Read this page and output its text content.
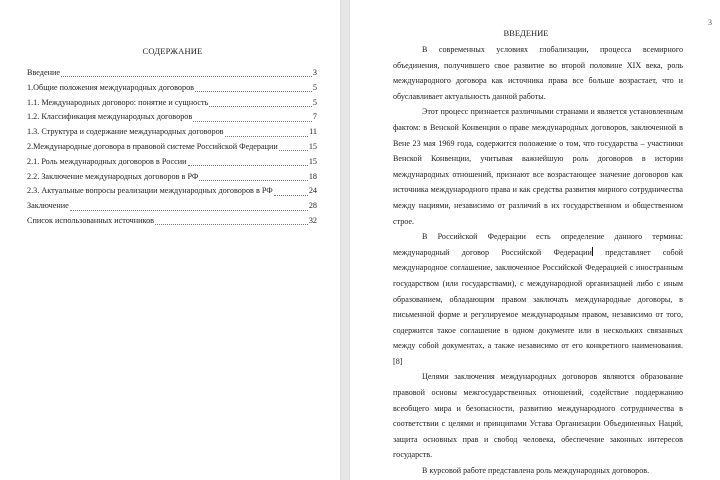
СОДЕРЖАНИЕ
Введение	3
1.Общие положения международных договоров	5
1.1. Международных договоро: понятие и сущность	5
1.2. Классификация международных договоров	7
1.3. Структура и содержание международных договоров	11
2.Международные договора в правовой системе Российской Федерации	15
2.1. Роль международных договоров в России	15
2.2. Заключение международных договоров в РФ	18
2.3. Актуальные вопросы реализации международных договоров в РФ	24
Заключение	28
Список использованных источников	32
3
ВВЕДЕНИЕ

В современных условиях глобализации, процесса всемирного объединения, получившего свое развитие во второй половине XIX века, роль международного договора как источника права все больше возрастает, что и обуславливает актуальность данной работы.

Этот процесс признается различными странами и является установленным фактом: в Венской Конвенции о праве международных договоров, заключенной в Вене 23 мая 1969 года, содержится положение о том, что государства – участники Венской Конвенции, учитывая важнейшую роль договоров в истории международных отношений, признают все возрастающее значение договоров как источника международного права и как средства развития мирного сотрудничества между нациями, независимо от различий в их государственном и общественном строе.

В Российской Федерации есть определение данного термина: международный договор Российской Федерации представляет собой международное соглашение, заключенное Российской Федерацией с иностранным государством (или государствами), с международной организацией либо с иным образованием, обладающим правом заключать международные договоры, в письменной форме и регулируемое международным правом, независимо от того, содержится такое соглашение в одном документе или в нескольких связанных между собой документах, а также независимо от его конкретного наименования. [8]

Целями заключения международных договоров являются образование правовой основы межгосударственных отношений, содействие поддержанию всеобщего мира и безопасности, развитию международного сотрудничества в соответствии с целями и принципами Устава Организации Объединенных Наций, защита основных прав и свобод человека, обеспечение законных интересов государств.

В курсовой работе представлена роль международных договоров.
